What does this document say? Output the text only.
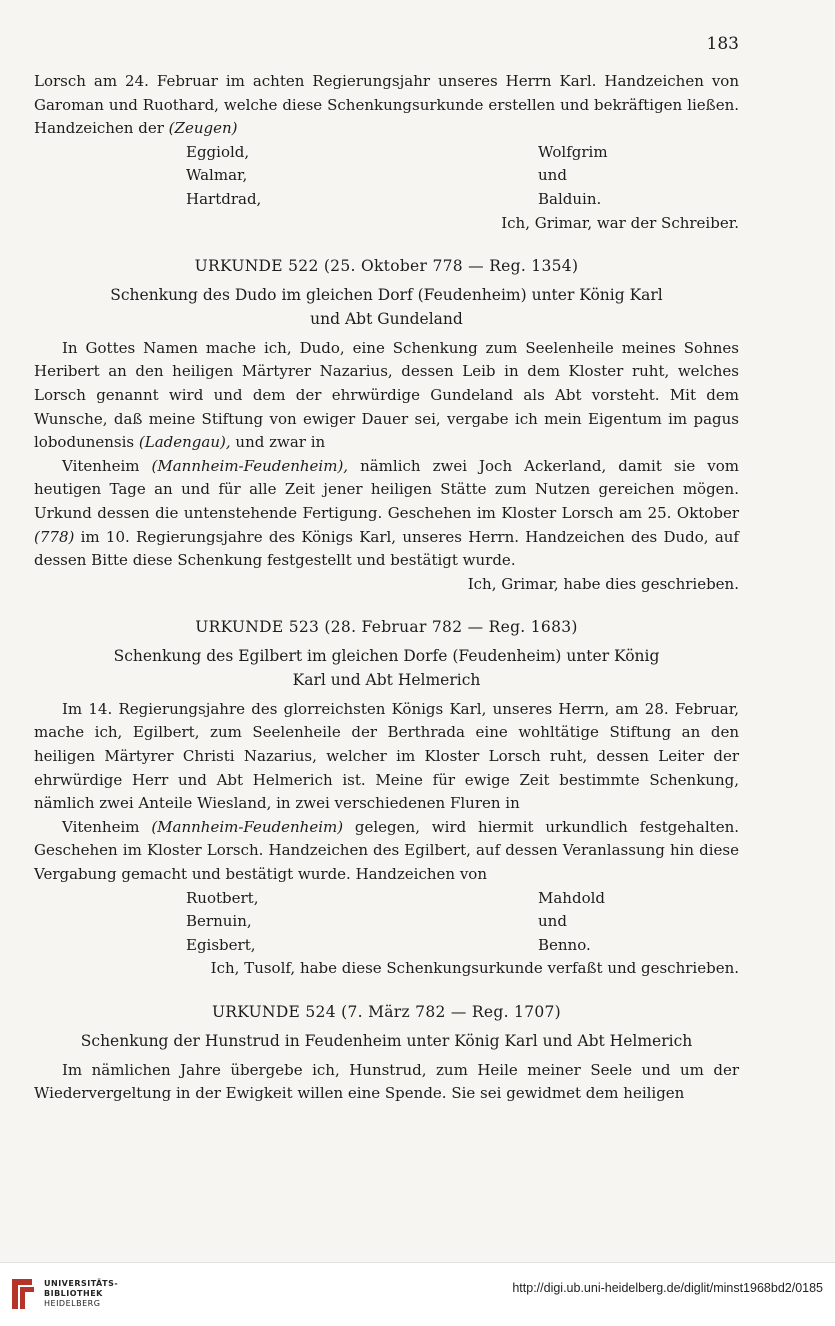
183

Lorsch am 24. Februar im achten Regierungsjahr unseres Herrn Karl. Handzeichen von Garoman und Ruothard, welche diese Schenkungsurkunde erstellen und bekräftigen ließen. Handzeichen der (Zeugen)

Eggiold,	Wolfgrim
Walmar,	und
Hartdrad,	Balduin.

Ich, Grimar, war der Schreiber.

URKUNDE 522 (25. Oktober 778 — Reg. 1354)
Schenkung des Dudo im gleichen Dorf (Feudenheim) unter König Karl
und Abt Gundeland

In Gottes Namen mache ich, Dudo, eine Schenkung zum Seelenheile meines Sohnes Heribert an den heiligen Märtyrer Nazarius, dessen Leib in dem Kloster ruht, welches Lorsch genannt wird und dem der ehrwürdige Gundeland als Abt vorsteht. Mit dem Wunsche, daß meine Stiftung von ewiger Dauer sei, vergabe ich mein Eigentum im pagus lobodunensis (Ladengau), und zwar in

Vitenheim (Mannheim-Feudenheim), nämlich zwei Joch Ackerland, damit sie vom heutigen Tage an und für alle Zeit jener heiligen Stätte zum Nutzen gereichen mögen. Urkund dessen die untenstehende Fertigung. Geschehen im Kloster Lorsch am 25. Oktober (778) im 10. Regierungsjahre des Königs Karl, unseres Herrn. Handzeichen des Dudo, auf dessen Bitte diese Schenkung festgestellt und bestätigt wurde.

Ich, Grimar, habe dies geschrieben.

URKUNDE 523 (28. Februar 782 — Reg. 1683)
Schenkung des Egilbert im gleichen Dorfe (Feudenheim) unter König
Karl und Abt Helmerich

Im 14. Regierungsjahre des glorreichsten Königs Karl, unseres Herrn, am 28. Februar, mache ich, Egilbert, zum Seelenheile der Berthrada eine wohltätige Stiftung an den heiligen Märtyrer Christi Nazarius, welcher im Kloster Lorsch ruht, dessen Leiter der ehrwürdige Herr und Abt Helmerich ist. Meine für ewige Zeit bestimmte Schenkung, nämlich zwei Anteile Wiesland, in zwei verschiedenen Fluren in

Vitenheim (Mannheim-Feudenheim) gelegen, wird hiermit urkundlich festgehalten. Geschehen im Kloster Lorsch. Handzeichen des Egilbert, auf dessen Veranlassung hin diese Vergabung gemacht und bestätigt wurde. Handzeichen von

Ruotbert,	Mahdold
Bernuin,	und
Egisbert,	Benno.

Ich, Tusolf, habe diese Schenkungsurkunde verfaßt und geschrieben.

URKUNDE 524 (7. März 782 — Reg. 1707)
Schenkung der Hunstrud in Feudenheim unter König Karl und Abt Helmerich

Im nämlichen Jahre übergebe ich, Hunstrud, zum Heile meiner Seele und um der Wiedervergeltung in der Ewigkeit willen eine Spende. Sie sei gewidmet dem heiligen

UNIVERSITÄTS-
BIBLIOTHEK
HEIDELBERG
http://digi.ub.uni-heidelberg.de/diglit/minst1968bd2/0185
